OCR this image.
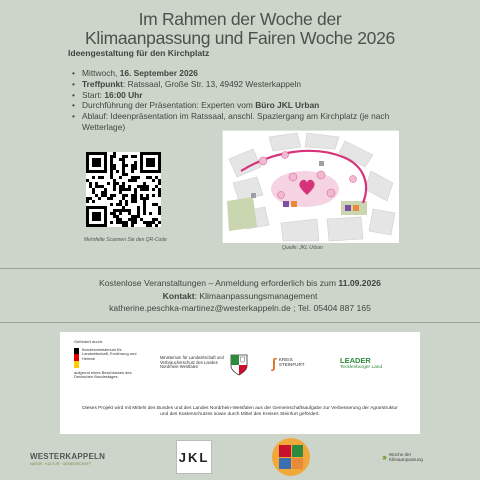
Im Rahmen der Woche der
Klimaanpassung und Fairen Woche 2026
Ideengestaltung für den Kirchplatz
• Mittwoch, 16. September 2026
• Treffpunkt: Ratssaal, Große Str. 13, 49492 Westerkappeln
• Start: 16:00 Uhr
• Durchführung der Präsentation: Experten vom Büro JKL Urban
• Ablauf: Ideenpräsentation im Ratssaal, anschl. Spaziergang am Kirchplatz (je nach Wetterlage)
Mehrfelte Scannen Sie den QR-Code
Quelle: JKL Urban
Kostenlose Veranstaltungen – Anmeldung erforderlich bis zum 11.09.2026
Kontakt: Klimaanpassungsmanagement
katherine.peschka-martinez@westerkappeln.de ; Tel. 05404 887 165
Gefördert durch:
Bundesministerium für Landwirtschaft, Ernährung und Heimat
aufgrund eines Beschlusses des Deutschen Bundestages
Ministerium für Landwirtschaft und Verbraucherschutz des Landes Nordrhein-Westfalen	∫ KREIS STEINFURT	LEADER
Tecklenburger Land
Dieses Projekt wird mit Mitteln des Bundes und des Landes Nordrhein-Westfalen aus der Gemeinschaftsaufgabe zur Verbesserung der Agrarstruktur und des Küstenschutzes sowie durch Mittel des Kreises Steinfurt gefördert.
WESTERKAPPELN
NATUR · KULTUR · GEMEINSCHAFT	JKL	››› Woche der
Klimaanpassung
